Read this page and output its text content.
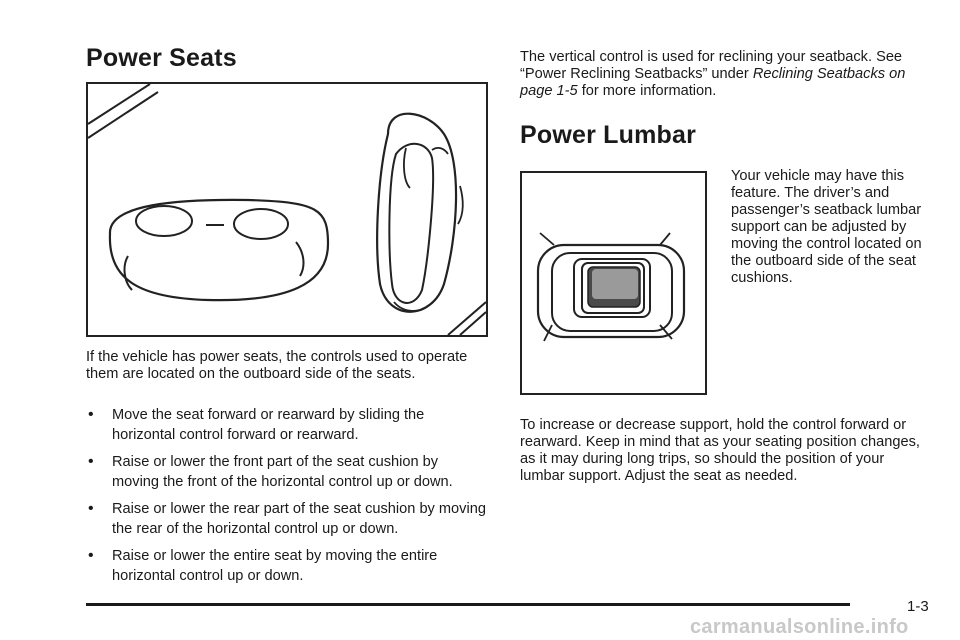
Power Seats

If the vehicle has power seats, the controls used to operate them are located on the outboard side of the seats.

• Move the seat forward or rearward by sliding the horizontal control forward or rearward.
• Raise or lower the front part of the seat cushion by moving the front of the horizontal control up or down.
• Raise or lower the rear part of the seat cushion by moving the rear of the horizontal control up or down.
• Raise or lower the entire seat by moving the entire horizontal control up or down.

The vertical control is used for reclining your seatback. See “Power Reclining Seatbacks” under Reclining Seatbacks on page 1-5 for more information.

Power Lumbar

Your vehicle may have this feature. The driver’s and passenger’s seatback lumbar support can be adjusted by moving the control located on the outboard side of the seat cushions.

To increase or decrease support, hold the control forward or rearward. Keep in mind that as your seating position changes, as it may during long trips, so should the position of your lumbar support. Adjust the seat as needed.

1-3
carmanualsonline.info
